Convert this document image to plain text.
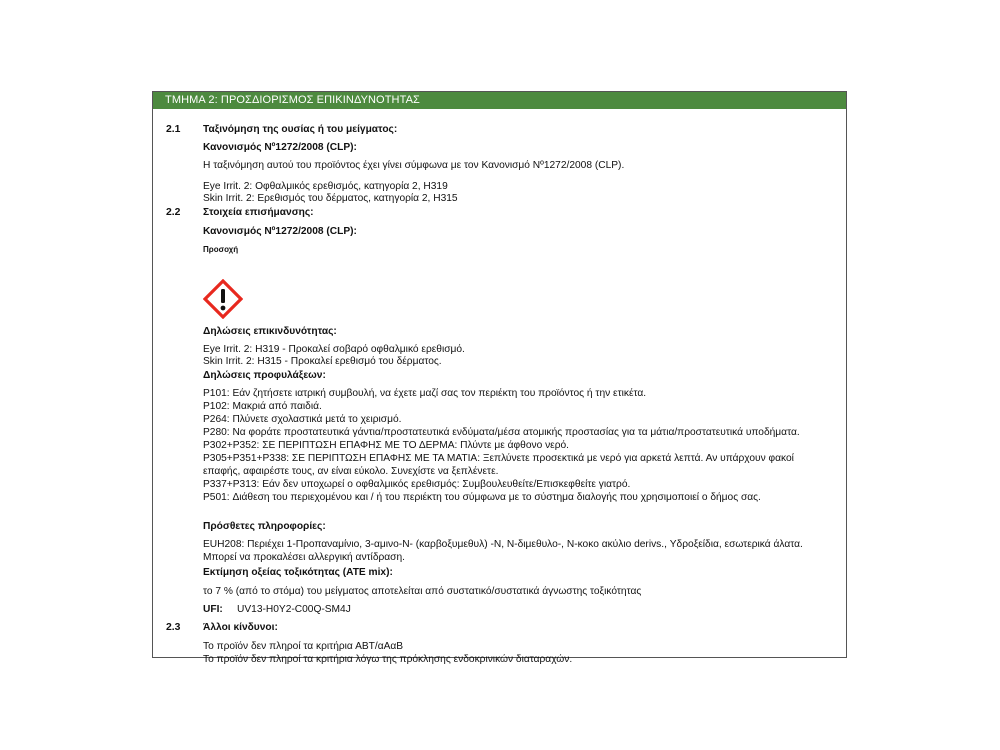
ΤΜΗΜΑ 2: ΠΡΟΣΔΙΟΡΙΣΜΟΣ ΕΠΙΚΙΝΔΥΝΟΤΗΤΑΣ
2.1 Ταξινόμηση της ουσίας ή του μείγματος:
Κανονισμός Nº1272/2008 (CLP):
Η ταξινόμηση αυτού του προϊόντος έχει γίνει σύμφωνα με τον Κανονισμό Nº1272/2008 (CLP).
Eye Irrit. 2: Οφθαλμικός ερεθισμός, κατηγορία 2, H319
Skin Irrit. 2: Ερεθισμός του δέρματος, κατηγορία 2, H315
2.2 Στοιχεία επισήμανσης:
Κανονισμός Nº1272/2008 (CLP):
Προσοχή
Δηλώσεις επικινδυνότητας:
Eye Irrit. 2: H319 - Προκαλεί σοβαρό οφθαλμικό ερεθισμό.
Skin Irrit. 2: H315 - Προκαλεί ερεθισμό του δέρματος.
Δηλώσεις προφυλάξεων:
P101: Εάν ζητήσετε ιατρική συμβουλή, να έχετε μαζί σας τον περιέκτη του προϊόντος ή την ετικέτα.
P102: Μακριά από παιδιά.
P264: Πλύνετε σχολαστικά μετά το χειρισμό.
P280: Να φοράτε προστατευτικά γάντια/προστατευτικά ενδύματα/μέσα ατομικής προστασίας για τα μάτια/προστατευτικά υποδήματα.
P302+P352: ΣΕ ΠΕΡΙΠΤΩΣΗ ΕΠΑΦΗΣ ΜΕ ΤΟ ΔΕΡΜΑ: Πλύντε με άφθονο νερό.
P305+P351+P338: ΣΕ ΠΕΡΙΠΤΩΣΗ ΕΠΑΦΗΣ ΜΕ ΤΑ ΜΑΤΙΑ: Ξεπλύνετε προσεκτικά με νερό για αρκετά λεπτά. Αν υπάρχουν φακοί
επαφής, αφαιρέστε τους, αν είναι εύκολο. Συνεχίστε να ξεπλένετε.
P337+P313: Εάν δεν υποχωρεί ο οφθαλμικός ερεθισμός: Συμβουλευθείτε/Επισκεφθείτε γιατρό.
P501: Διάθεση του περιεχομένου και / ή του περιέκτη του σύμφωνα με το σύστημα διαλογής που χρησιμοποιεί ο δήμος σας.
Πρόσθετες πληροφορίες:
EUH208: Περιέχει 1-Προπαναμίνιο, 3-αμινο-N- (καρβοξυμεθυλ) -N, N-διμεθυλο-, N-κοκο ακύλιο derivs., Υδροξείδια, εσωτερικά άλατα.
Μπορεί να προκαλέσει αλλεργική αντίδραση.
Εκτίμηση οξείας τοξικότητας (ATE mix):
το 7 % (από το στόμα) του μείγματος αποτελείται από συστατικό/συστατικά άγνωστης τοξικότητας
UFI: UV13-H0Y2-C00Q-SM4J
2.3 Άλλοι κίνδυνοι:
Το προϊόν δεν πληροί τα κριτήρια ΑΒΤ/αΑαΒ
Το προϊόν δεν πληροί τα κριτήρια λόγω της πρόκλησης ενδοκρινικών διαταραχών.
